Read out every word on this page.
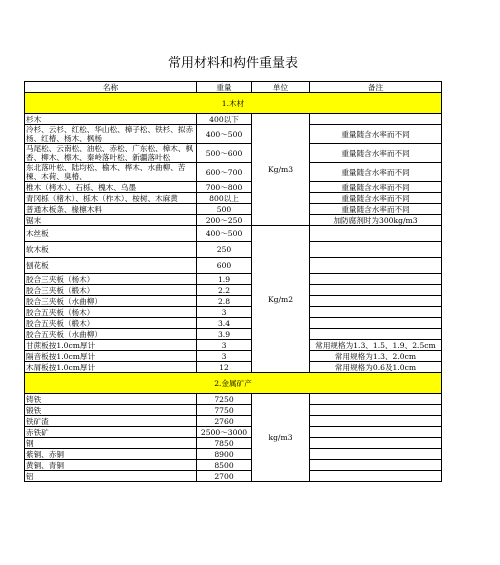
常用材料和构件重量表
名称	重量	单位	备注
1.木材			
杉木	400以下	Kg/m3	
冷杉、云杉、红松、华山松、樟子松、铁杉、拟赤杨、红椿、杨木、枫杨	400～500		重量随含水率而不同
马尾松、云南松、油松、赤松、广东松、樟木、枫香、柳木、檫木、秦岭落叶松、新疆落叶松	500～600		重量随含水率而不同
东北落叶松、陆均松、榆木、桦木、水曲柳、苦楝、木荷、臭椿、	600～700		重量随含水率而不同
椎木（栲木）、石栎、槐木、乌墨	700～800		重量随含水率而不同
青冈栎（楮木）、栎木（柞木）、桉树、木麻黄	800以上		重量随含水率而不同
普通木板条、椽檩木料	500		重量随含水率而不同
锯末	200～250		加防腐剂时为300kg/m3
木丝板	400～500	Kg/m2	
软木板	250		
刨花板	600		
胶合三夹板（杨木）	1.9		
胶合三夹板（椴木）	2.2		
胶合三夹板（水曲柳）	2.8		
胶合五夹板（杨木）	3		
胶合五夹板（椴木）	3.4		
胶合五夹板（水曲柳）	3.9		
甘蔗板按1.0cm厚计	3		常用规格为1.3、1.5、1.9、2.5cm
隔音板按1.0cm厚计	3		常用规格为1.3、2.0cm
木屑板按1.0cm厚计	12		常用规格为0.6及1.0cm
2.金属矿产			
铸铁	7250	kg/m3	
锻铁	7750		
铁矿渣	2760		
赤铁矿	2500～3000		
钢	7850		
紫铜、赤铜	8900		
黄铜、青铜	8500		
铝	2700		
